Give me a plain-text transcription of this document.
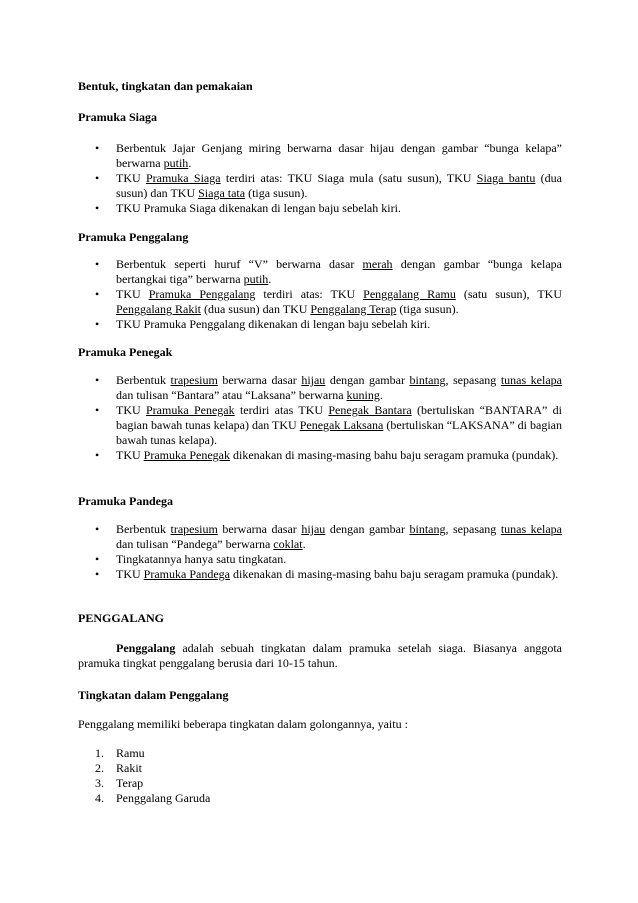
Bentuk, tingkatan dan pemakaian
Pramuka Siaga
• Berbentuk Jajar Genjang miring berwarna dasar hijau dengan gambar “bunga kelapa” berwarna putih.
• TKU Pramuka Siaga terdiri atas: TKU Siaga mula (satu susun), TKU Siaga bantu (dua susun) dan TKU Siaga tata (tiga susun).
• TKU Pramuka Siaga dikenakan di lengan baju sebelah kiri.
Pramuka Penggalang
• Berbentuk seperti huruf “V” berwarna dasar merah dengan gambar “bunga kelapa bertangkai tiga” berwarna putih.
• TKU Pramuka Penggalang terdiri atas: TKU Penggalang Ramu (satu susun), TKU Penggalang Rakit (dua susun) dan TKU Penggalang Terap (tiga susun).
• TKU Pramuka Penggalang dikenakan di lengan baju sebelah kiri.
Pramuka Penegak
• Berbentuk trapesium berwarna dasar hijau dengan gambar bintang, sepasang tunas kelapa dan tulisan “Bantara” atau “Laksana” berwarna kuning.
• TKU Pramuka Penegak terdiri atas TKU Penegak Bantara (bertuliskan “BANTARA” di bagian bawah tunas kelapa) dan TKU Penegak Laksana (bertuliskan “LAKSANA” di bagian bawah tunas kelapa).
• TKU Pramuka Penegak dikenakan di masing-masing bahu baju seragam pramuka (pundak).
Pramuka Pandega
• Berbentuk trapesium berwarna dasar hijau dengan gambar bintang, sepasang tunas kelapa dan tulisan “Pandega” berwarna coklat.
• Tingkatannya hanya satu tingkatan.
• TKU Pramuka Pandega dikenakan di masing-masing bahu baju seragam pramuka (pundak).
PENGGALANG
Penggalang adalah sebuah tingkatan dalam pramuka setelah siaga. Biasanya anggota pramuka tingkat penggalang berusia dari 10-15 tahun.
Tingkatan dalam Penggalang
Penggalang memiliki beberapa tingkatan dalam golongannya, yaitu :
1. Ramu
2. Rakit
3. Terap
4. Penggalang Garuda
